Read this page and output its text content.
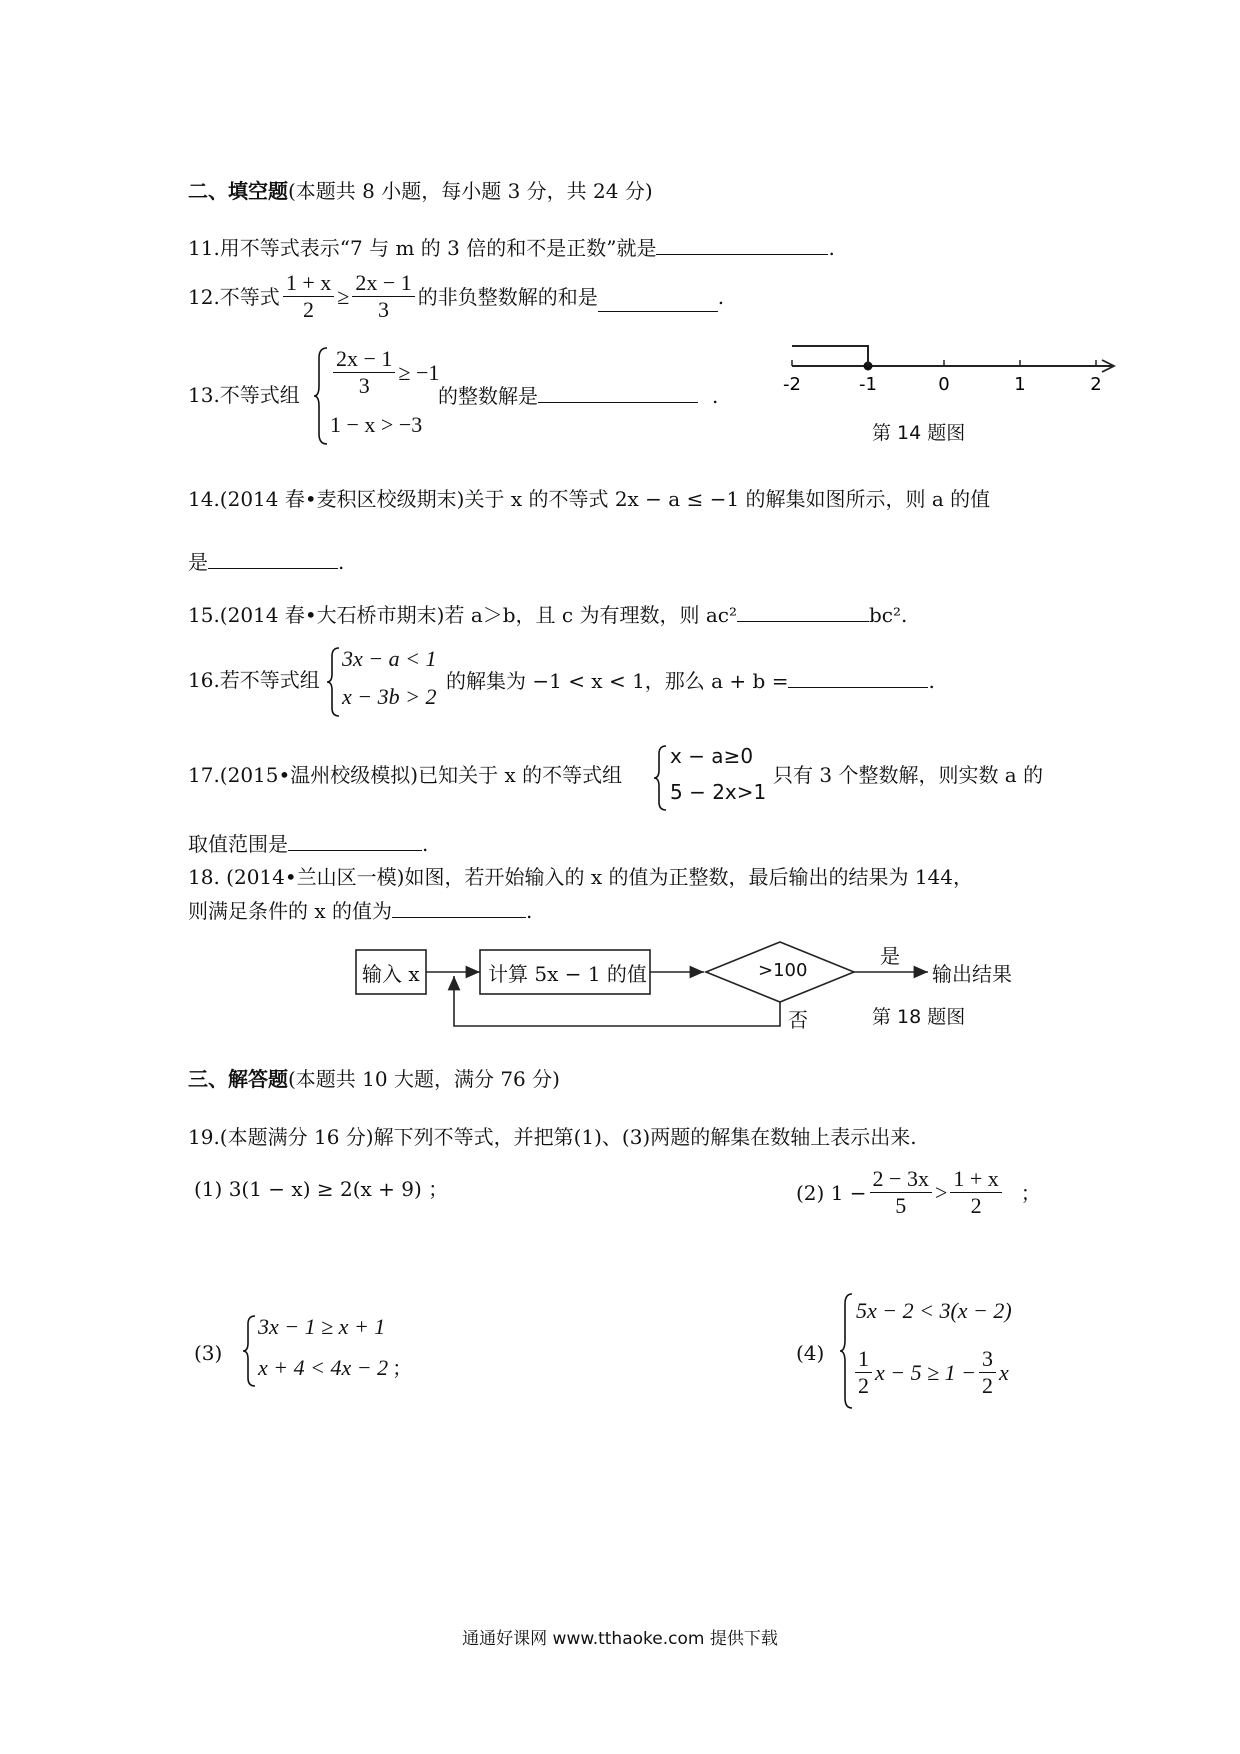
二、填空题(本题共 8 小题，每小题 3 分，共 24 分)
11.用不等式表示“7 与 m 的 3 倍的和不是正数”就是	.
12.不等式 $\frac{1 + x}{2} \ge \frac{2x - 1}{3}$ 的非负整数解的和是	.
13.不等式组 $\frac{2x - 1}{3} \ge -1$
1 − x > −3
的整数解是	.	-2	-1	0	1	2
第 14 题图
14.(2014 春•麦积区校级期末)关于 x 的不等式 2x − a ≤ −1 的解集如图所示，则 a 的值
是	.
15.(2014 春•大石桥市期末)若 a＞b，且 c 为有理数，则 ac²	bc².
16.若不等式组
3x − a < 1
x − 3b > 2
的解集为 −1 < x < 1，那么 a + b =	.
17.(2015•温州校级模拟)已知关于 x 的不等式组
x − a≥0
5 − 2x>1
只有 3 个整数解，则实数 a 的
取值范围是	.
18. (2014•兰山区一模)如图，若开始输入的 x 的值为正整数，最后输出的结果为 144，
则满足条件的 x 的值为	.
输入 x	计算 5x − 1 的值	>100
是
输出结果
否	第 18 题图
三、解答题(本题共 10 大题，满分 76 分)
19.(本题满分 16 分)解下列不等式，并把第(1)、(3)两题的解集在数轴上表示出来.
(1) 3(1 − x) ≥ 2(x + 9) ；	(2) $1 - \frac{2 - 3x}{5} > \frac{1 + x}{2}$ ；
(3)
3x − 1 ≥ x + 1
x + 4 < 4x − 2 ；
(4)
5x − 2 < 3(x − 2)
$\frac{1}{2}$ $x - 5 \ge 1 - \frac{3}{2}$ x
通通好课网 www.tthaoke.com 提供下载
